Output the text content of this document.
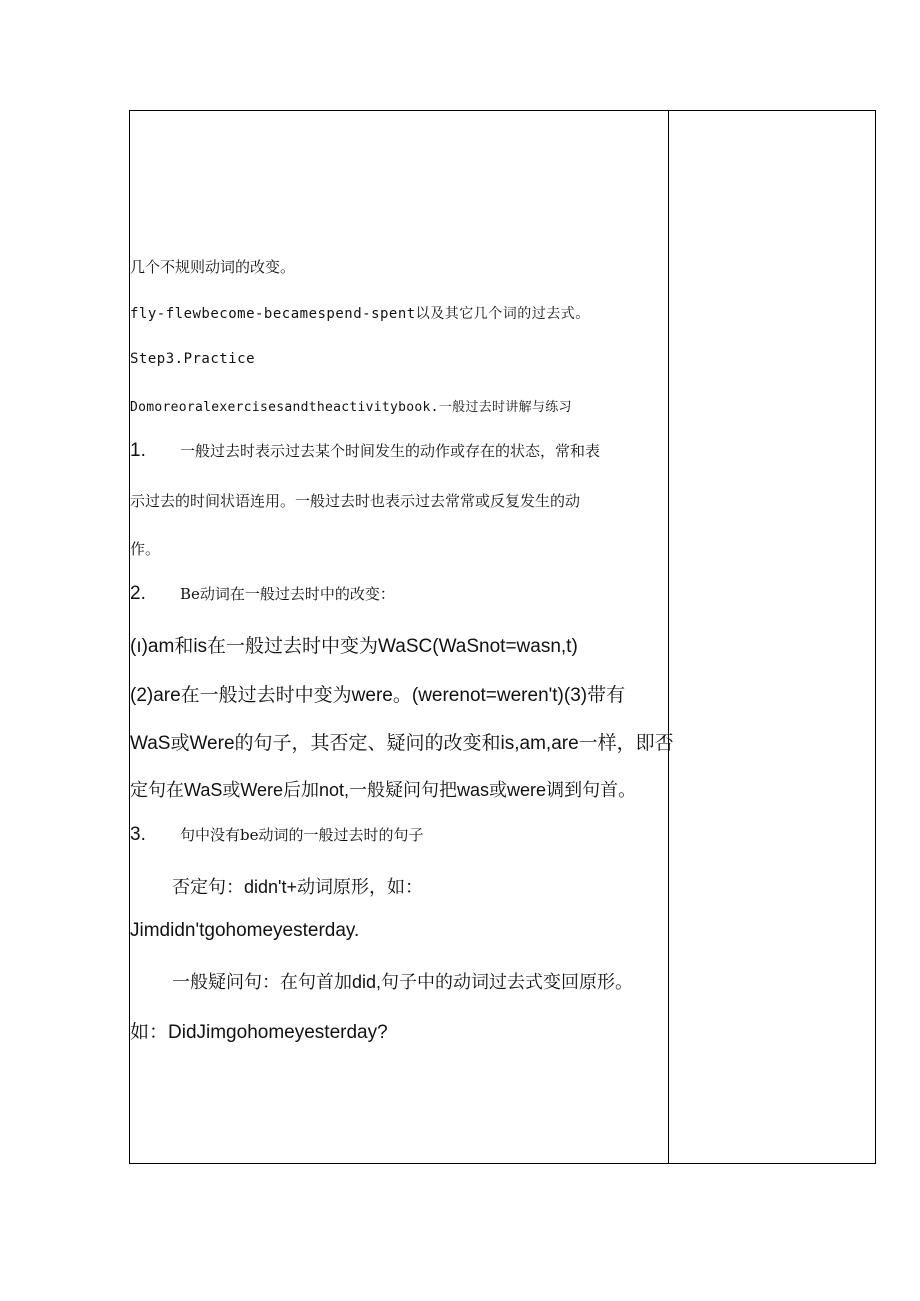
几个不规则动词的改变。
fly-flewbecome-becamespend-spent以及其它几个词的过去式。
Step3.Practice
Domoreoralexercisesandtheactivitybook.一般过去时讲解与练习
1. 一般过去时表示过去某个时间发生的动作或存在的状态，常和表
示过去的时间状语连用。一般过去时也表示过去常常或反复发生的动
作。
2. Be动词在一般过去时中的改变：
(ı)am和is在一般过去时中变为WaSC(WaSnot=wasn,t)
(2)are在一般过去时中变为were。(werenot=weren't)(3)带有
WaS或Were的句子，其否定、疑问的改变和is,am,are一样，即否
定句在WaS或Were后加not,一般疑问句把was或were调到句首。
3. 句中没有be动词的一般过去时的句子
否定句：didn't+动词原形，如：
Jimdidn'tgohomeyesterday.
一般疑问句：在句首加did,句子中的动词过去式变回原形。
如：DidJimgohomeyesterday?
